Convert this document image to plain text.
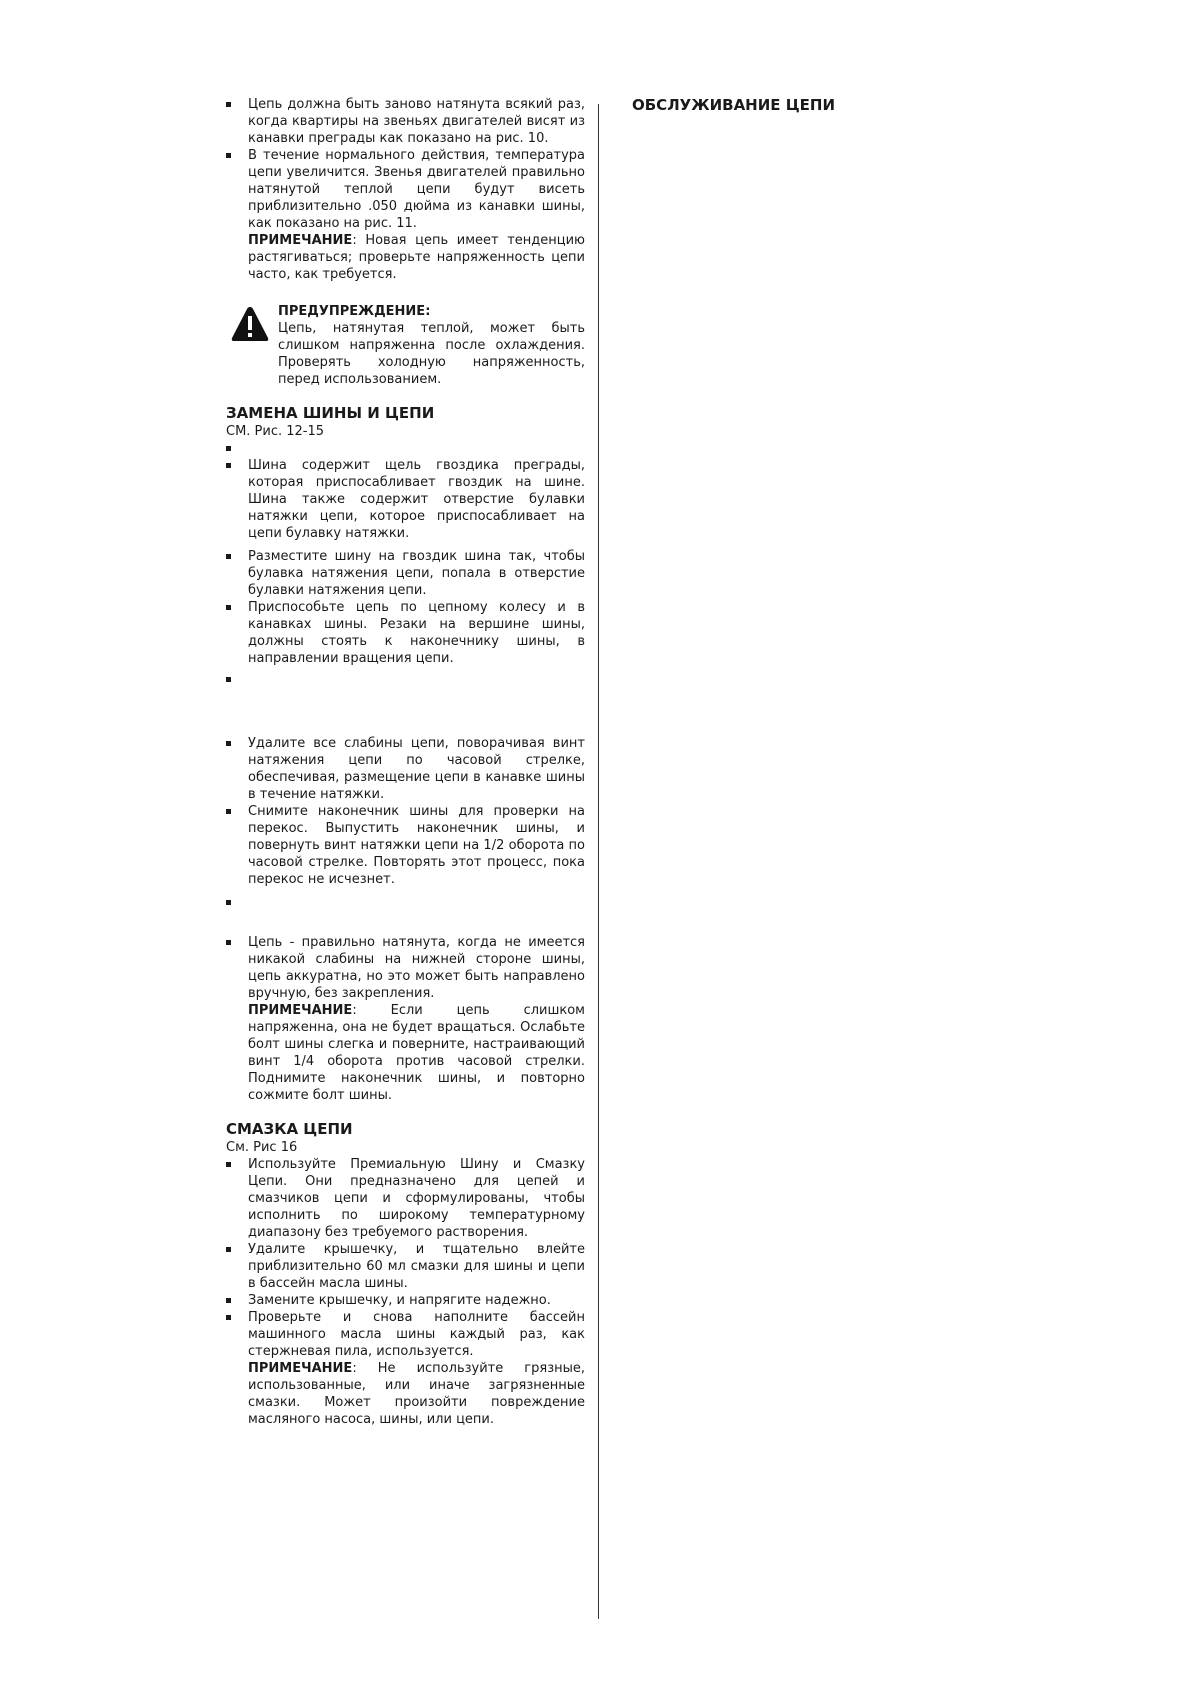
Цепь должна быть заново натянута всякий раз, когда квартиры на звеньях двигателей висят из канавки преграды как показано на рис. 10.
В течение нормального действия, температура цепи увеличится. Звенья двигателей правильно натянутой теплой цепи будут висеть приблизительно .050 дюйма из канавки шины, как показано на рис. 11.
ПРИМЕЧАНИЕ: Новая цепь имеет тенденцию растягиваться; проверьте напряженность цепи часто, как требуется.
ПРЕДУПРЕЖДЕНИЕ:
Цепь, натянутая теплой, может быть слишком напряженна после охлаждения. Проверять холодную напряженность, перед использованием.
ЗАМЕНА ШИНЫ И ЦЕПИ
СМ. Рис. 12-15
Шина содержит щель гвоздика преграды, которая приспосабливает гвоздик на шине. Шина также содержит отверстие булавки натяжки цепи, которое приспосабливает на цепи булавку натяжки.
Разместите шину на гвоздик шина так, чтобы булавка натяжения цепи, попала в отверстие булавки натяжения цепи.
Приспособьте цепь по цепному колесу и в канавках шины. Резаки на вершине шины, должны стоять к наконечнику шины, в направлении вращения цепи.
Удалите все слабины цепи, поворачивая винт натяжения цепи по часовой стрелке, обеспечивая, размещение цепи в канавке шины в течение натяжки.
Снимите наконечник шины для проверки на перекос. Выпустить наконечник шины, и повернуть винт натяжки цепи на 1/2 оборота по часовой стрелке. Повторять этот процесс, пока перекос не исчезнет.
Цепь - правильно натянута, когда не имеется никакой слабины на нижней стороне шины, цепь аккуратна, но это может быть направлено вручную, без закрепления.
ПРИМЕЧАНИЕ: Если цепь слишком напряженна, она не будет вращаться. Ослабьте болт шины слегка и поверните, настраивающий винт 1/4 оборота против часовой стрелки. Поднимите наконечник шины, и повторно сожмите болт шины.
СМАЗКА ЦЕПИ
См. Рис 16
Используйте Премиальную Шину и Смазку Цепи. Они предназначено для цепей и смазчиков цепи и сформулированы, чтобы исполнить по широкому температурному диапазону без требуемого растворения.
Удалите крышечку, и тщательно влейте приблизительно 60 мл смазки для шины и цепи в бассейн масла шины.
Замените крышечку, и напрягите надежно.
Проверьте и снова наполните бассейн машинного масла шины каждый раз, как стержневая пила, используется.
ПРИМЕЧАНИЕ: Не используйте грязные, использованные, или иначе загрязненные смазки. Может произойти повреждение масляного насоса, шины, или цепи.
ОБСЛУЖИВАНИЕ ЦЕПИ
